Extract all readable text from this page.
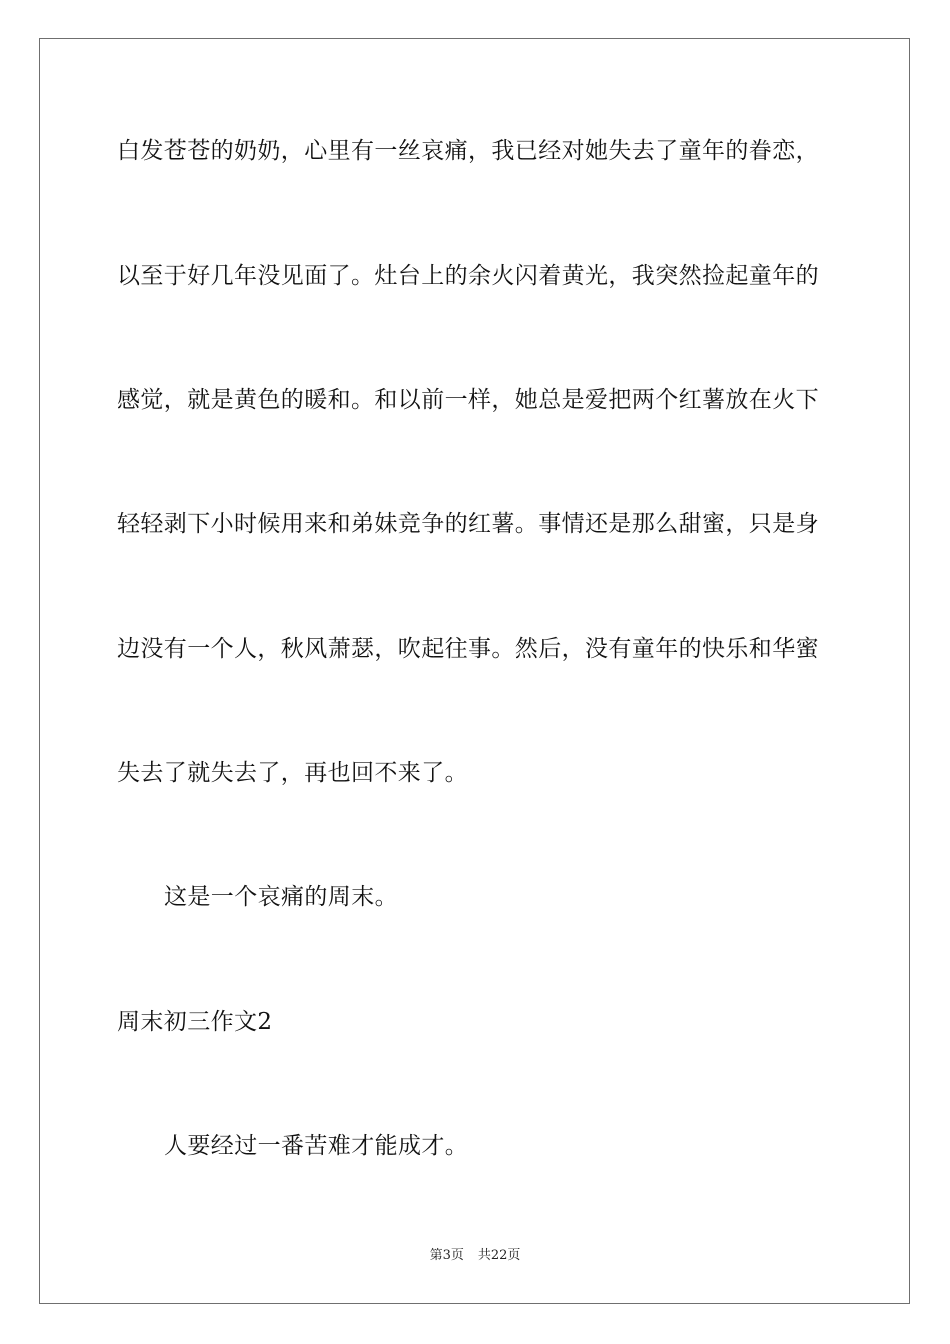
白发苍苍的奶奶，心里有一丝哀痛，我已经对她失去了童年的眷恋，
以至于好几年没见面了。灶台上的余火闪着黄光，我突然捡起童年的
感觉，就是黄色的暖和。和以前一样，她总是爱把两个红薯放在火下
轻轻剥下小时候用来和弟妹竞争的红薯。事情还是那么甜蜜，只是身
边没有一个人，秋风萧瑟，吹起往事。然后，没有童年的快乐和华蜜
失去了就失去了，再也回不来了。
这是一个哀痛的周末。
周末初三作文2
人要经过一番苦难才能成才。
第3页 共22页
